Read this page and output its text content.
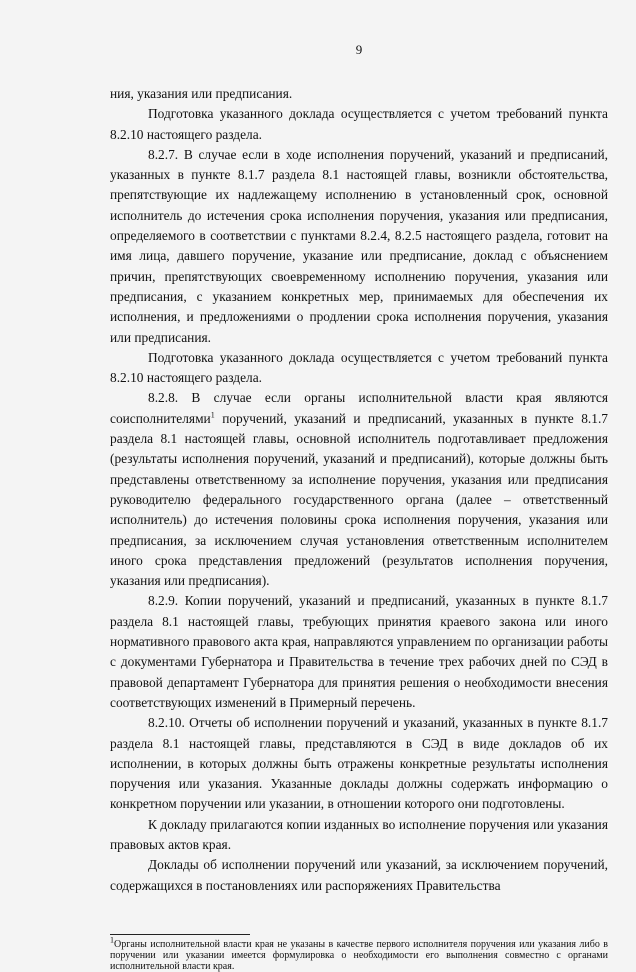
9

ния, указания или предписания.

Подготовка указанного доклада осуществляется с учетом требований пункта 8.2.10 настоящего раздела.

8.2.7. В случае если в ходе исполнения поручений, указаний и предписаний, указанных в пункте 8.1.7 раздела 8.1 настоящей главы, возникли обстоятельства, препятствующие их надлежащему исполнению в установленный срок, основной исполнитель до истечения срока исполнения поручения, указания или предписания, определяемого в соответствии с пунктами 8.2.4, 8.2.5 настоящего раздела, готовит на имя лица, давшего поручение, указание или предписание, доклад с объяснением причин, препятствующих своевременному исполнению поручения, указания или предписания, с указанием конкретных мер, принимаемых для обеспечения их исполнения, и предложениями о продлении срока исполнения поручения, указания или предписания.

Подготовка указанного доклада осуществляется с учетом требований пункта 8.2.10 настоящего раздела.

8.2.8. В случае если органы исполнительной власти края являются соисполнителями$^1$ поручений, указаний и предписаний, указанных в пункте 8.1.7 раздела 8.1 настоящей главы, основной исполнитель подготавливает предложения (результаты исполнения поручений, указаний и предписаний), которые должны быть представлены ответственному за исполнение поручения, указания или предписания руководителю федерального государственного органа (далее – ответственный исполнитель) до истечения половины срока исполнения поручения, указания или предписания, за исключением случая установления ответственным исполнителем иного срока представления предложений (результатов исполнения поручения, указания или предписания).

8.2.9. Копии поручений, указаний и предписаний, указанных в пункте 8.1.7 раздела 8.1 настоящей главы, требующих принятия краевого закона или иного нормативного правового акта края, направляются управлением по организации работы с документами Губернатора и Правительства в течение трех рабочих дней по СЭД в правовой департамент Губернатора для принятия решения о необходимости внесения соответствующих изменений в Примерный перечень.

8.2.10. Отчеты об исполнении поручений и указаний, указанных в пункте 8.1.7 раздела 8.1 настоящей главы, представляются в СЭД в виде докладов об их исполнении, в которых должны быть отражены конкретные результаты исполнения поручения или указания. Указанные доклады должны содержать информацию о конкретном поручении или указании, в отношении которого они подготовлены.

К докладу прилагаются копии изданных во исполнение поручения или указания правовых актов края.

Доклады об исполнении поручений или указаний, за исключением поручений, содержащихся в постановлениях или распоряжениях Правительства

$^1$Органы исполнительной власти края не указаны в качестве первого исполнителя поручения или указания либо в поручении или указании имеется формулировка о необходимости его выполнения совместно с органами исполнительной власти края.
